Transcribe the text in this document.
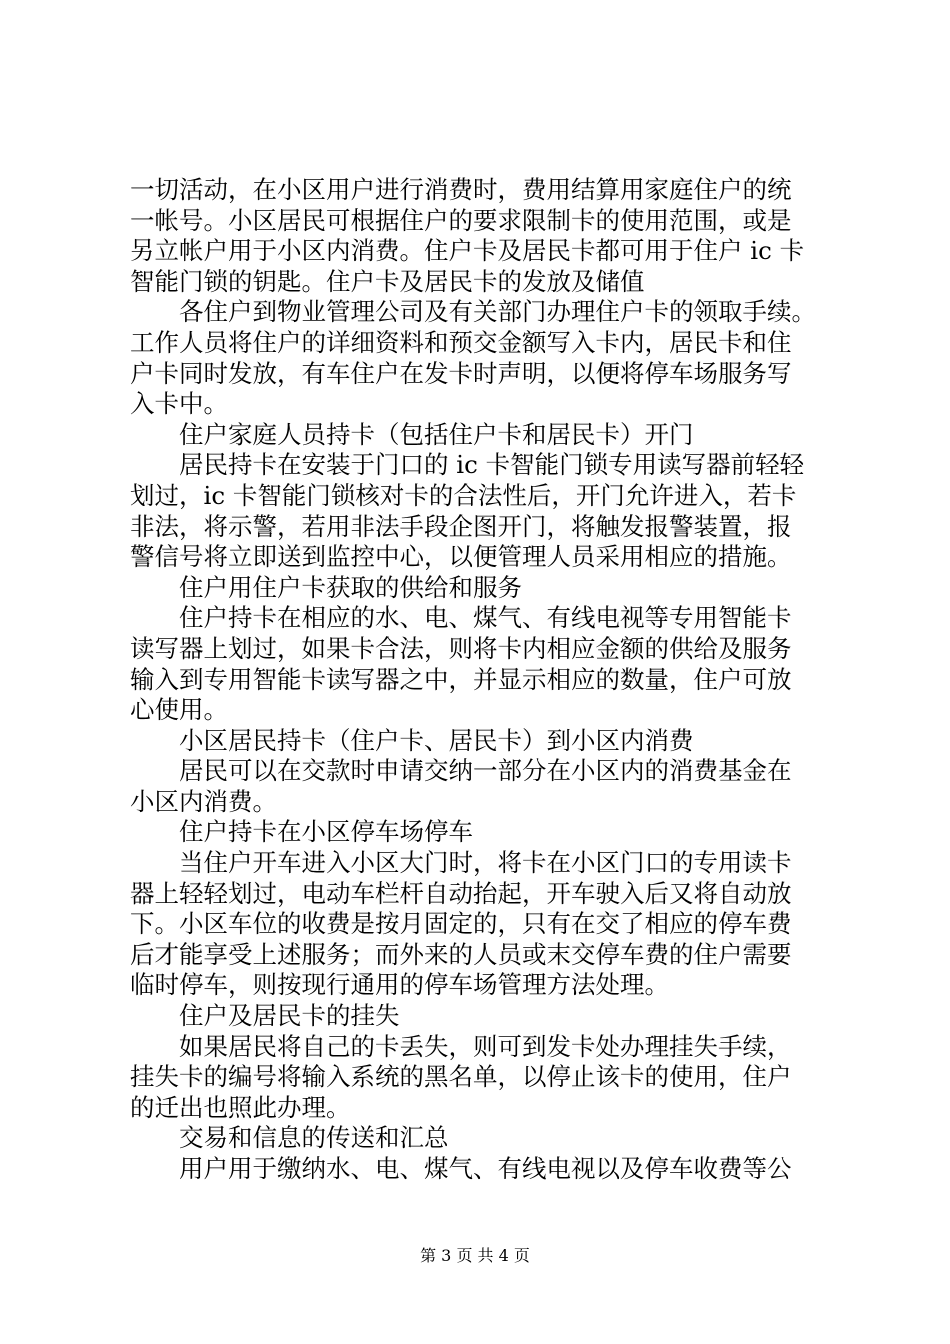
一切活动，在小区用户进行消费时，费用结算用家庭住户的统
一帐号。小区居民可根据住户的要求限制卡的使用范围，或是
另立帐户用于小区内消费。住户卡及居民卡都可用于住户 ic 卡
智能门锁的钥匙。住户卡及居民卡的发放及储值
各住户到物业管理公司及有关部门办理住户卡的领取手续。
工作人员将住户的详细资料和预交金额写入卡内，居民卡和住
户卡同时发放，有车住户在发卡时声明，以便将停车场服务写
入卡中。
住户家庭人员持卡（包括住户卡和居民卡）开门
居民持卡在安装于门口的 ic 卡智能门锁专用读写器前轻轻
划过，ic 卡智能门锁核对卡的合法性后，开门允许进入，若卡
非法，将示警，若用非法手段企图开门，将触发报警装置，报
警信号将立即送到监控中心，以便管理人员采用相应的措施。
住户用住户卡获取的供给和服务
住户持卡在相应的水、电、煤气、有线电视等专用智能卡
读写器上划过，如果卡合法，则将卡内相应金额的供给及服务
输入到专用智能卡读写器之中，并显示相应的数量，住户可放
心使用。
小区居民持卡（住户卡、居民卡）到小区内消费
居民可以在交款时申请交纳一部分在小区内的消费基金在
小区内消费。
住户持卡在小区停车场停车
当住户开车进入小区大门时，将卡在小区门口的专用读卡
器上轻轻划过，电动车栏杆自动抬起，开车驶入后又将自动放
下。小区车位的收费是按月固定的，只有在交了相应的停车费
后才能享受上述服务；而外来的人员或末交停车费的住户需要
临时停车，则按现行通用的停车场管理方法处理。
住户及居民卡的挂失
如果居民将自己的卡丢失，则可到发卡处办理挂失手续，
挂失卡的编号将输入系统的黑名单，以停止该卡的使用，住户
的迁出也照此办理。
交易和信息的传送和汇总
用户用于缴纳水、电、煤气、有线电视以及停车收费等公
第 3 页 共 4 页
